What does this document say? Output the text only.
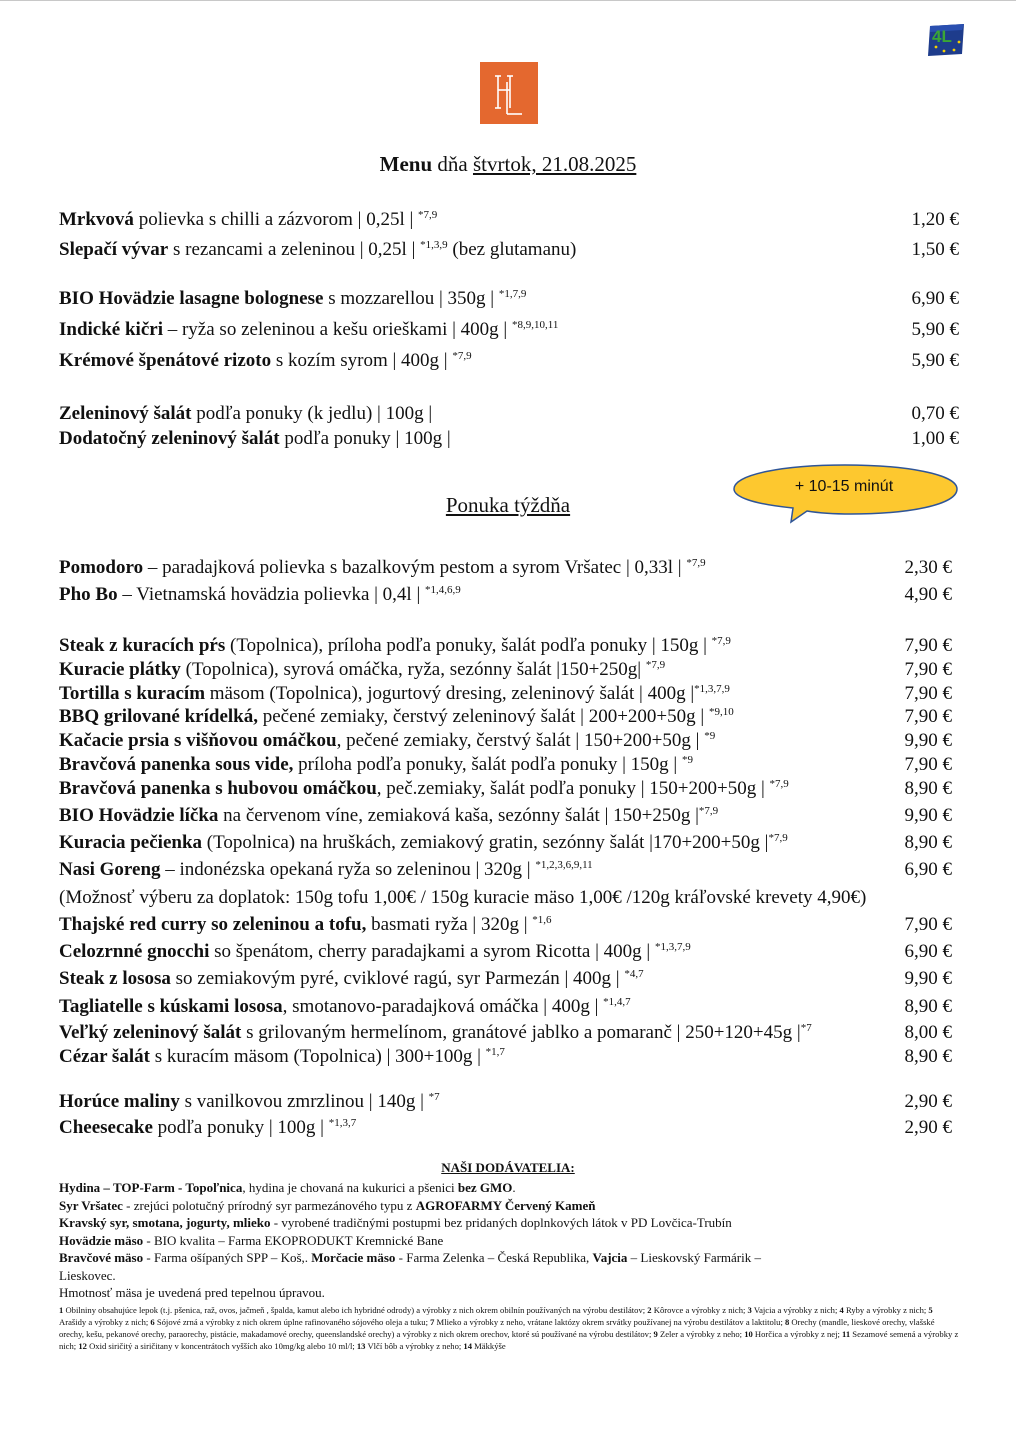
4L
Menu dňa štvrtok, 21.08.2025
Mrkvová polievka s chilli a zázvorom | 0,25l | $^{*7,9}$	1,20 €
Slepačí vývar s rezancami a zeleninou | 0,25l | $^{*1,3,9}$ (bez glutamanu)	1,50 €
BIO Hovädzie lasagne bolognese s mozzarellou | 350g | $^{*1,7,9}$	6,90 €
Indické kičri – ryža so zeleninou a kešu orieškami | 400g | $^{*8,9,10,11}$	5,90 €
Krémové špenátové rizoto s kozím syrom | 400g | $^{*7,9}$	5,90 €
Zeleninový šalát podľa ponuky (k jedlu) | 100g |	0,70 €
Dodatočný zeleninový šalát podľa ponuky | 100g |	1,00 €
Ponuka týždňa
+ 10-15 minút
Pomodoro – paradajková polievka s bazalkovým pestom a syrom Vršatec | 0,33l | $^{*7,9}$	2,30 €
Pho Bo – Vietnamská hovädzia polievka | 0,4l | $^{*1,4,6,9}$	4,90 €
Steak z kuracích pŕs (Topolnica), príloha podľa ponuky, šalát podľa ponuky | 150g | $^{*7,9}$	7,90 €
Kuracie plátky (Topolnica), syrová omáčka, ryža, sezónny šalát |150+250g| $^{*7,9}$	7,90 €
Tortilla s kuracím mäsom (Topolnica), jogurtový dresing, zeleninový šalát | 400g $|^{*1,3,7,9}$	7,90 €
BBQ grilované krídelká, pečené zemiaky, čerstvý zeleninový šalát | 200+200+50g | $^{*9,10}$	7,90 €
Kačacie prsia s višňovou omáčkou, pečené zemiaky, čerstvý šalát | 150+200+50g | $^{*9}$	9,90 €
Bravčová panenka sous vide, príloha podľa ponuky, šalát podľa ponuky | 150g | $^{*9}$	7,90 €
Bravčová panenka s hubovou omáčkou, peč.zemiaky, šalát podľa ponuky | 150+200+50g | $^{*7,9}$	8,90 €
BIO Hovädzie líčka na červenom víne, zemiaková kaša, sezónny šalát | 150+250g $|^{*7,9}$	9,90 €
Kuracia pečienka (Topolnica) na hruškách, zemiakový gratin, sezónny šalát |170+200+50g $|^{*7,9}$	8,90 €
Nasi Goreng – indonézska opekaná ryža so zeleninou | 320g | $^{*1,2,3,6,9,11}$	6,90 €
(Možnosť výberu za doplatok: 150g tofu 1,00€ / 150g kuracie mäso 1,00€ /120g kráľovské krevety 4,90€)
Thajské red curry so zeleninou a tofu, basmati ryža | 320g | $^{*1,6}$	7,90 €
Celozrnné gnocchi so špenátom, cherry paradajkami a syrom Ricotta | 400g | $^{*1,3,7,9}$	6,90 €
Steak z lososa so zemiakovým pyré, cviklové ragú, syr Parmezán | 400g | $^{*4,7}$	9,90 €
Tagliatelle s kúskami lososa, smotanovo-paradajková omáčka | 400g | $^{*1,4,7}$	8,90 €
Veľký zeleninový šalát s grilovaným hermelínom, granátové jablko a pomaranč | 250+120+45g $|^{*7}$	8,00 €
Cézar šalát s kuracím mäsom (Topolnica) | 300+100g | $^{*1,7}$	8,90 €
Horúce maliny s vanilkovou zmrzlinou | 140g | $^{*7}$	2,90 €
Cheesecake podľa ponuky | 100g | $^{*1,3,7}$	2,90 €
NAŠI DODÁVATELIA:
Hydina – TOP-Farm - Topoľnica, hydina je chovaná na kukurici a pšenici bez GMO.
Syr Vršatec - zrejúci polotučný prírodný syr parmezánového typu z AGROFARMY Červený Kameň
Kravský syr, smotana, jogurty, mlieko - vyrobené tradičnými postupmi bez pridaných doplnkových látok v PD Lovčica-Trubín
Hovädzie mäso - BIO kvalita – Farma EKOPRODUKT Kremnické Bane
Bravčové mäso - Farma ošípaných SPP – Koš,. Morčacie mäso - Farma Zelenka – Česká Republika, Vajcia – Lieskovský Farmárik –
Lieskovec.
Hmotnosť mäsa je uvedená pred tepelnou úpravou.
1 Obilniny obsahujúce lepok (t.j. pšenica, raž, ovos, jačmeň , špalda, kamut alebo ich hybridné odrody) a výrobky z nich okrem obilnín používaných na výrobu destilátov; 2 Kôrovce a výrobky z nich; 3 Vajcia a výrobky z nich; 4 Ryby a výrobky z nich; 5 Arašidy a výrobky z nich; 6 Sójové zrná a výrobky z nich okrem úplne rafinovaného sójového oleja a tuku; 7 Mlieko a výrobky z neho, vrátane laktózy okrem srvátky používanej na výrobu destilátov a laktitolu; 8 Orechy (mandle, lieskové orechy, vlašské orechy, kešu, pekanové orechy, paraorechy, pistácie, makadamové orechy, queenslandské orechy) a výrobky z nich okrem orechov, ktoré sú používané na výrobu destilátov; 9 Zeler a výrobky z neho; 10 Horčica a výrobky z nej; 11 Sezamové semená a výrobky z nich; 12 Oxid siričitý a siričitany v koncentrátoch vyšších ako 10mg/kg alebo 10 ml/l; 13 Vlčí bôb a výrobky z neho; 14 Mäkkýše
